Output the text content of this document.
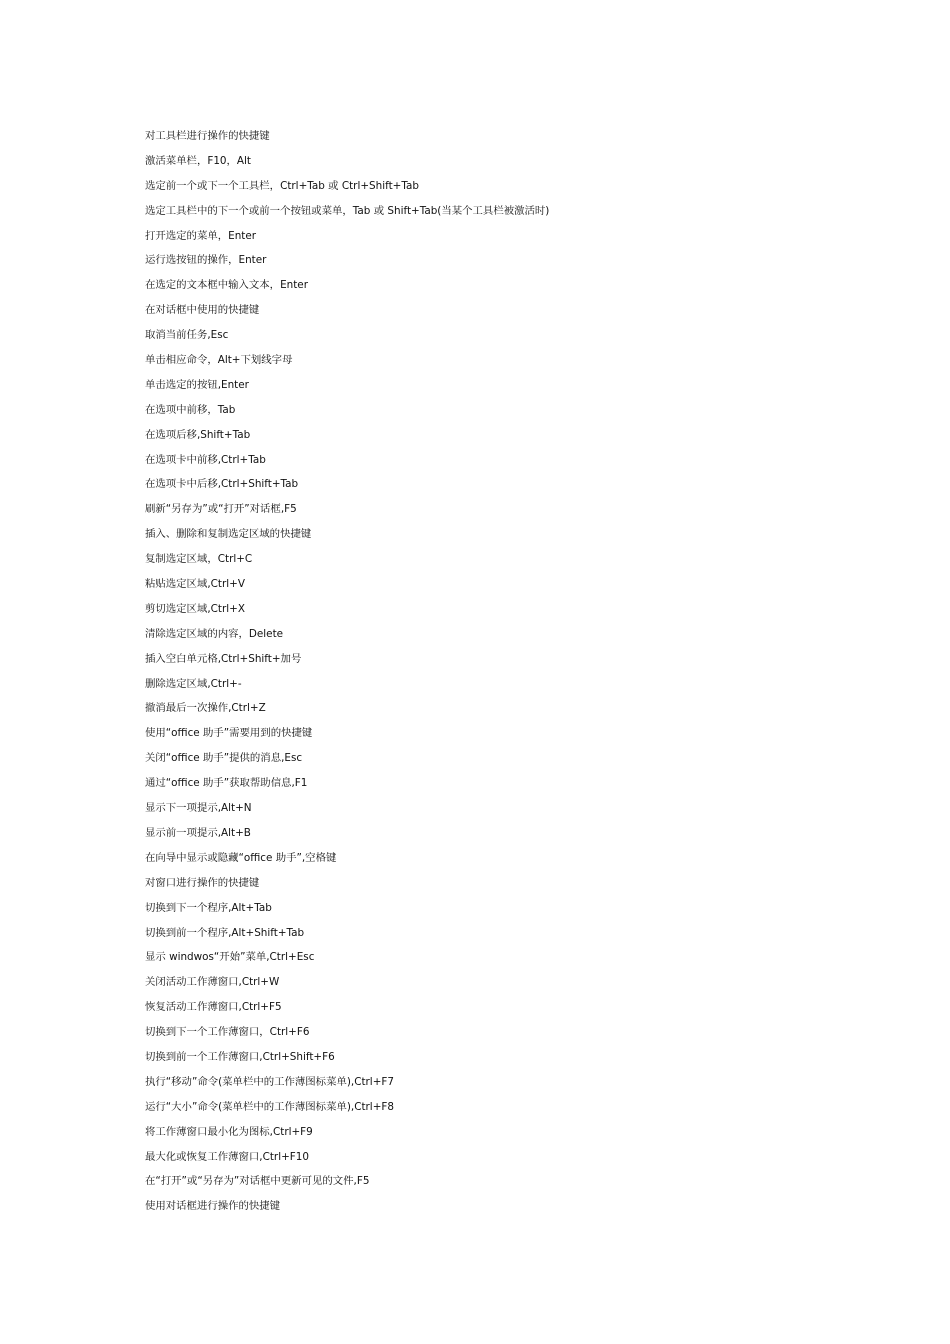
对工具栏进行操作的快捷键
激活菜单栏，F10，Alt
选定前一个或下一个工具栏，Ctrl+Tab 或 Ctrl+Shift+Tab
选定工具栏中的下一个或前一个按钮或菜单，Tab 或 Shift+Tab(当某个工具栏被激活时)
打开选定的菜单，Enter
运行选按钮的操作，Enter
在选定的文本框中输入文本，Enter
在对话框中使用的快捷键
取消当前任务,Esc
单击相应命令，Alt+下划线字母
单击选定的按钮,Enter
在选项中前移，Tab
在选项后移,Shift+Tab
在选项卡中前移,Ctrl+Tab
在选项卡中后移,Ctrl+Shift+Tab
刷新“另存为”或“打开”对话框,F5
插入、删除和复制选定区域的快捷键
复制选定区域，Ctrl+C
粘贴选定区域,Ctrl+V
剪切选定区域,Ctrl+X
清除选定区域的内容，Delete
插入空白单元格,Ctrl+Shift+加号
删除选定区域,Ctrl+-
撤消最后一次操作,Ctrl+Z
使用“office 助手”需要用到的快捷键
关闭“office 助手”提供的消息,Esc
通过“office 助手”获取帮助信息,F1
显示下一项提示,Alt+N
显示前一项提示,Alt+B
在向导中显示或隐藏“office 助手”,空格键
对窗口进行操作的快捷键
切换到下一个程序,Alt+Tab
切换到前一个程序,Alt+Shift+Tab
显示 windwos“开始”菜单,Ctrl+Esc
关闭活动工作薄窗口,Ctrl+W
恢复活动工作薄窗口,Ctrl+F5
切换到下一个工作薄窗口，Ctrl+F6
切换到前一个工作薄窗口,Ctrl+Shift+F6
执行“移动”命令(菜单栏中的工作薄图标菜单),Ctrl+F7
运行“大小”命令(菜单栏中的工作薄图标菜单),Ctrl+F8
将工作薄窗口最小化为图标,Ctrl+F9
最大化或恢复工作薄窗口,Ctrl+F10
在“打开”或“另存为”对话框中更新可见的文件,F5
使用对话框进行操作的快捷键
